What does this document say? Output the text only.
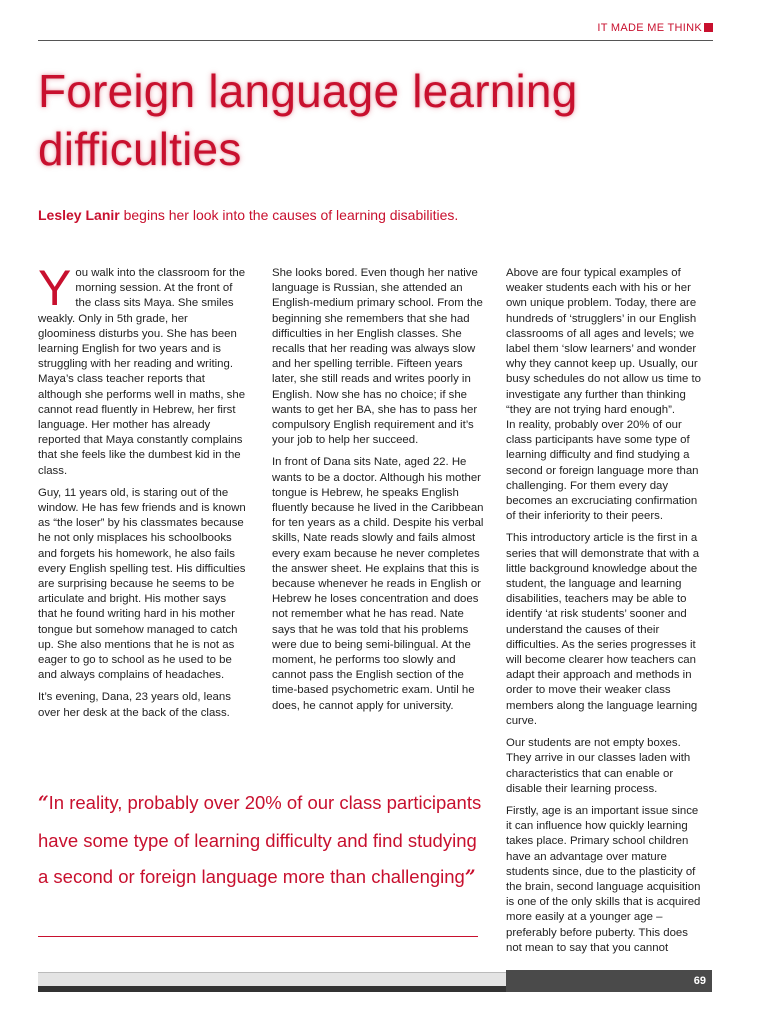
IT MADE ME THINK
Foreign language learning difficulties
Lesley Lanir begins her look into the causes of learning disabilities.

You walk into the classroom for the morning session. At the front of the class sits Maya. She smiles weakly. Only in 5th grade, her gloominess disturbs you. She has been learning English for two years and is struggling with her reading and writing. Maya’s class teacher reports that although she performs well in maths, she cannot read fluently in Hebrew, her first language. Her mother has already reported that Maya constantly complains that she feels like the dumbest kid in the class.

Guy, 11 years old, is staring out of the window. He has few friends and is known as “the loser” by his classmates because he not only misplaces his schoolbooks and forgets his homework, he also fails every English spelling test. His difficulties are surprising because he seems to be articulate and bright. His mother says that he found writing hard in his mother tongue but somehow managed to catch up. She also mentions that he is not as eager to go to school as he used to be and always complains of headaches.

It’s evening, Dana, 23 years old, leans over her desk at the back of the class.

She looks bored. Even though her native language is Russian, she attended an English-medium primary school. From the beginning she remembers that she had difficulties in her English classes. She recalls that her reading was always slow and her spelling terrible. Fifteen years later, she still reads and writes poorly in English. Now she has no choice; if she wants to get her BA, she has to pass her compulsory English requirement and it’s your job to help her succeed.

In front of Dana sits Nate, aged 22. He wants to be a doctor. Although his mother tongue is Hebrew, he speaks English fluently because he lived in the Caribbean for ten years as a child. Despite his verbal skills, Nate reads slowly and fails almost every exam because he never completes the answer sheet. He explains that this is because whenever he reads in English or Hebrew he loses concentration and does not remember what he has read. Nate says that he was told that his problems were due to being semi-bilingual. At the moment, he performs too slowly and cannot pass the English section of the time-based psychometric exam. Until he does, he cannot apply for university.

Above are four typical examples of weaker students each with his or her own unique problem. Today, there are hundreds of ‘strugglers’ in our English classrooms of all ages and levels; we label them ‘slow learners’ and wonder why they cannot keep up. Usually, our busy schedules do not allow us time to investigate any further than thinking “they are not trying hard enough”.

In reality, probably over 20% of our class participants have some type of learning difficulty and find studying a second or foreign language more than challenging. For them every day becomes an excruciating confirmation of their inferiority to their peers.

This introductory article is the first in a series that will demonstrate that with a little background knowledge about the student, the language and learning disabilities, teachers may be able to identify ‘at risk students’ sooner and understand the causes of their difficulties. As the series progresses it will become clearer how teachers can adapt their approach and methods in order to move their weaker class members along the language learning curve.

Our students are not empty boxes. They arrive in our classes laden with characteristics that can enable or disable their learning process.

Firstly, age is an important issue since it can influence how quickly learning takes place. Primary school children have an advantage over mature students since, due to the plasticity of the brain, second language acquisition is one of the only skills that is acquired more easily at a younger age – preferably before puberty. This does not mean to say that you cannot

“In reality, probably over 20% of our class participants have some type of learning difficulty and find studying a second or foreign language more than challenging”

69
